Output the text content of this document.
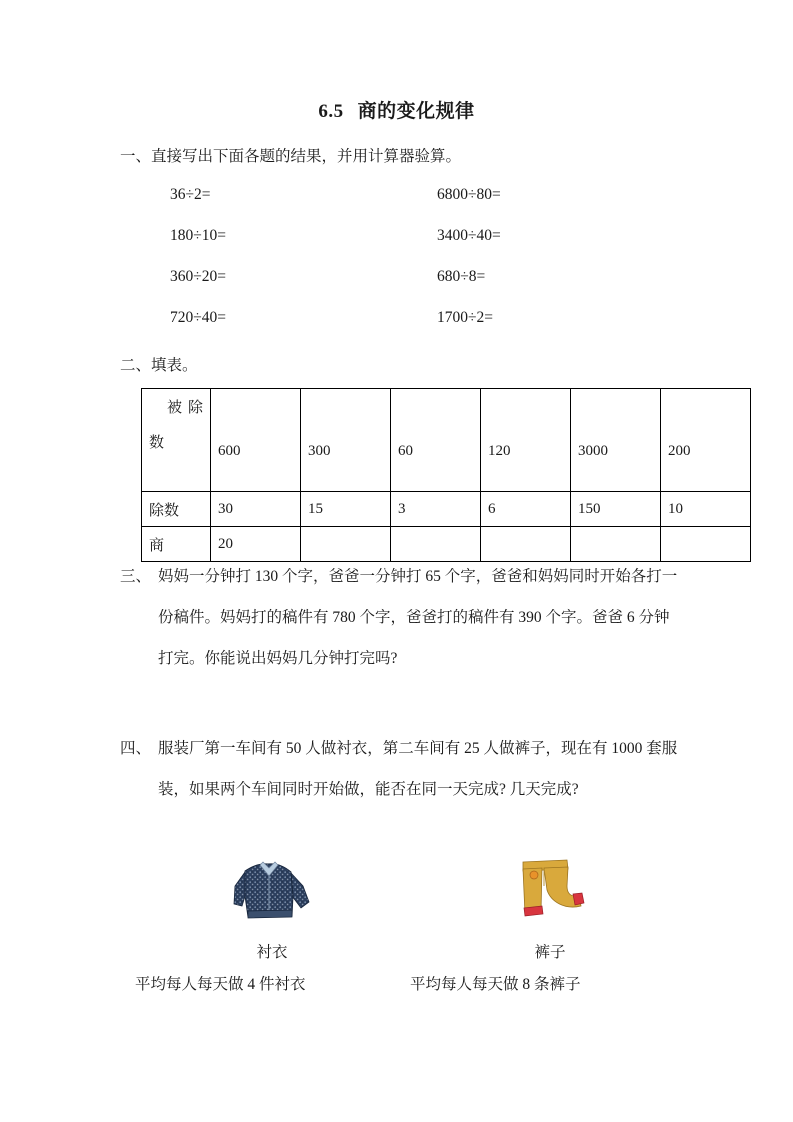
6.5 商的变化规律
一、直接写出下面各题的结果，并用计算器验算。
36÷2=	6800÷80=
180÷10=	3400÷40=
360÷20=	680÷8=
720÷40=	1700÷2=
二、填表。
被除
数	600	300	60	120	3000	200
除数	30	15	3	6	150	10
商	20					
三、 妈妈一分钟打 130 个字，爸爸一分钟打 65 个字，爸爸和妈妈同时开始各打一份稿件。妈妈打的稿件有 780 个字，爸爸打的稿件有 390 个字。爸爸 6 分钟打完。你能说出妈妈几分钟打完吗?
四、 服装厂第一车间有 50 人做衬衣，第二车间有 25 人做裤子，现在有 1000 套服装，如果两个车间同时开始做，能否在同一天完成? 几天完成?
衬衣	裤子
平均每人每天做 4 件衬衣	平均每人每天做 8 条裤子
